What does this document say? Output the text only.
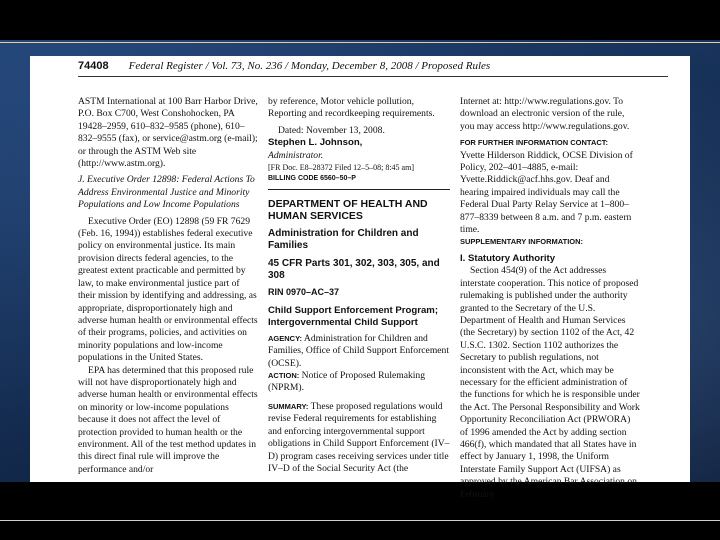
74408 Federal Register / Vol. 73, No. 236 / Monday, December 8, 2008 / Proposed Rules

ASTM International at 100 Barr Harbor Drive, P.O. Box C700, West Conshohocken, PA 19428–2959, 610–832–9585 (phone), 610–832–9555 (fax), or service@astm.org (e-mail); or through the ASTM Web site (http://www.astm.org).

J. Executive Order 12898: Federal Actions To Address Environmental Justice and Minority Populations and Low Income Populations

Executive Order (EO) 12898 (59 FR 7629 (Feb. 16, 1994)) establishes federal executive policy on environmental justice. Its main provision directs federal agencies, to the greatest extent practicable and permitted by law, to make environmental justice part of their mission by identifying and addressing, as appropriate, disproportionately high and adverse human health or environmental effects of their programs, policies, and activities on minority populations and low-income populations in the United States.

EPA has determined that this proposed rule will not have disproportionately high and adverse human health or environmental effects on minority or low-income populations because it does not affect the level of protection provided to human health or the environment. All of the test method updates in this direct final rule will improve the performance and/or

by reference, Motor vehicle pollution, Reporting and recordkeeping requirements.

Dated: November 13, 2008.

Stephen L. Johnson,

Administrator.

[FR Doc. E8–28372 Filed 12–5–08; 8:45 am]

BILLING CODE 6560–50–P

DEPARTMENT OF HEALTH AND HUMAN SERVICES

Administration for Children and Families

45 CFR Parts 301, 302, 303, 305, and 308

RIN 0970–AC–37

Child Support Enforcement Program; Intergovernmental Child Support

AGENCY: Administration for Children and Families, Office of Child Support Enforcement (OCSE).

ACTION: Notice of Proposed Rulemaking (NPRM).

SUMMARY: These proposed regulations would revise Federal requirements for establishing and enforcing intergovernmental support obligations in Child Support Enforcement (IV–D) program cases receiving services under title IV–D of the Social Security Act (the

Internet at: http://www.regulations.gov. To download an electronic version of the rule, you may access http://www.regulations.gov.

FOR FURTHER INFORMATION CONTACT:

Yvette Hilderson Riddick, OCSE Division of Policy, 202–401–4885, e-mail: Yvette.Riddick@acf.hhs.gov. Deaf and hearing impaired individuals may call the Federal Dual Party Relay Service at 1–800–877–8339 between 8 a.m. and 7 p.m. eastern time.

SUPPLEMENTARY INFORMATION:

I. Statutory Authority

Section 454(9) of the Act addresses interstate cooperation. This notice of proposed rulemaking is published under the authority granted to the Secretary of the U.S. Department of Health and Human Services (the Secretary) by section 1102 of the Act, 42 U.S.C. 1302. Section 1102 authorizes the Secretary to publish regulations, not inconsistent with the Act, which may be necessary for the efficient administration of the functions for which he is responsible under the Act. The Personal Responsibility and Work Opportunity Reconciliation Act (PRWORA) of 1996 amended the Act by adding section 466(f), which mandated that all States have in effect by January 1, 1998, the Uniform Interstate Family Support Act (UIFSA) as approved by the American Bar Association on February
